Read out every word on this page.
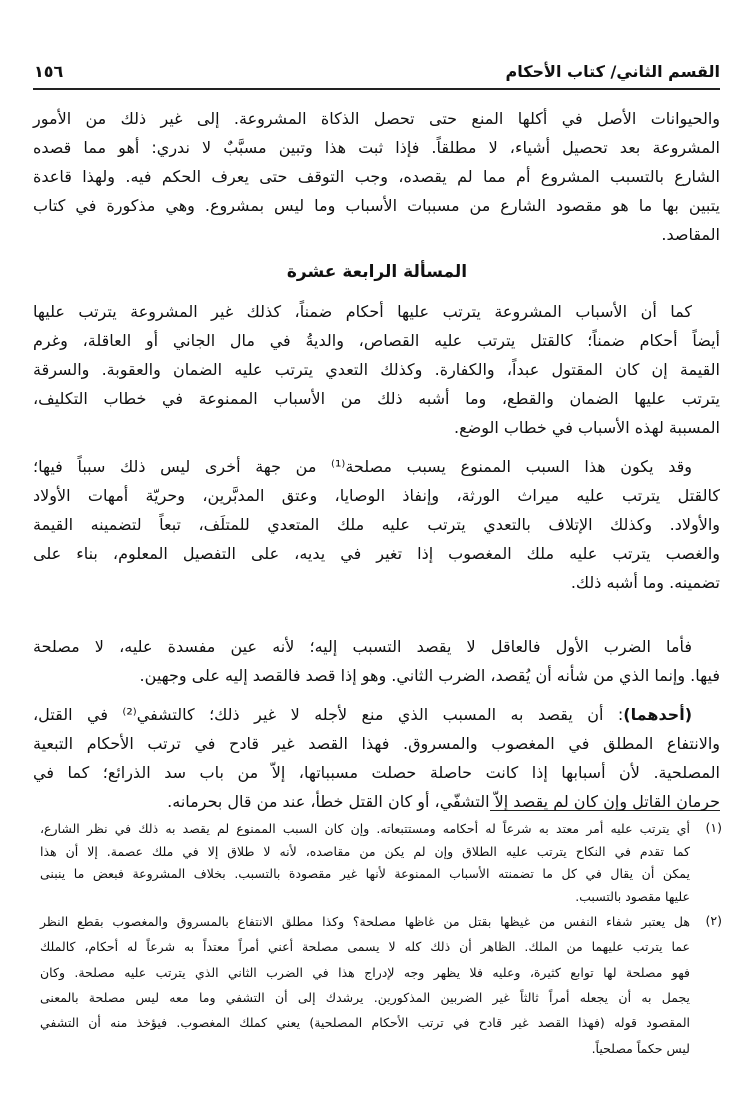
القسم الثاني/ كتاب الأحكام
١٥٦
المسألة الرابعة عشرة
والحيوانات الأصل في أكلها المنع حتى تحصل الذكاة المشروعة. إلى غير ذلك من الأمور
المشروعة بعد تحصيل أشياء، لا مطلقاً. فإذا ثبت هذا وتبين مسبَّبٌ لا ندري: أهو مما قصده
الشارع بالتسبب المشروع أم مما لم يقصده، وجب التوقف حتى يعرف الحكم فيه. ولهذا قاعدة
يتبين بها ما هو مقصود الشارع من مسببات الأسباب وما ليس بمشروع. وهي مذكورة في كتاب
المقاصد.
كما أن الأسباب المشروعة يترتب عليها أحكام ضمناً، كذلك غير المشروعة يترتب عليها
أيضاً أحكام ضمناً؛ كالقتل يترتب عليه القصاص، والديةُ في مال الجاني أو العاقلة، وغرم
القيمة إن كان المقتول عبداً، والكفارة. وكذلك التعدي يترتب عليه الضمان والعقوبة. والسرقة
يترتب عليها الضمان والقطع، وما أشبه ذلك من الأسباب الممنوعة في خطاب التكليف،
المسببة لهذه الأسباب في خطاب الوضع.
وقد يكون هذا السبب الممنوع يسبب مصلحة⁽¹⁾ من جهة أخرى ليس ذلك سبباً فيها؛
كالقتل يترتب عليه ميراث الورثة، وإنفاذ الوصايا، وعتق المدبَّرين، وحريّة أمهات الأولاد
والأولاد. وكذلك الإتلاف بالتعدي يترتب عليه ملك المتعدي للمتلَف، تبعاً لتضمينه القيمة
والغصب يترتب عليه ملك المغصوب إذا تغير في يديه، على التفصيل المعلوم، بناء على
تضمينه. وما أشبه ذلك.
فأما الضرب الأول فالعاقل لا يقصد التسبب إليه؛ لأنه عين مفسدة عليه، لا مصلحة
فيها. وإنما الذي من شأنه أن يُقصد، الضرب الثاني. وهو إذا قصد فالقصد إليه على وجهين.
(أحدهما): أن يقصد به المسبب الذي منع لأجله لا غير ذلك؛ كالتشفي⁽²⁾ في القتل،
والانتفاع المطلق في المغصوب والمسروق. فهذا القصد غير قادح في ترتب الأحكام التبعية
المصلحية. لأن أسبابها إذا كانت حاصلة حصلت مسبباتها، إلاّ من باب سد الذرائع؛ كما في
حرمان القاتل وإن كان لم يقصد إلاّ التشفّي، أو كان القتل خطأ، عند من قال بحرمانه.
(١)
أي يترتب عليه أمر معتد به شرعاً له أحكامه ومستتبعاته. وإن كان السبب الممنوع لم يقصد به ذلك في نظر الشارع،
كما تقدم في النكاح يترتب عليه الطلاق وإن لم يكن من مقاصده، لأنه لا طلاق إلا في ملك عصمة. إلا أن هذا
يمكن أن يقال في كل ما تضمنته الأسباب الممنوعة لأنها غير مقصودة بالتسبب. بخلاف المشروعة فبعض ما ينبنى
عليها مقصود بالتسبب.
(٢)
هل يعتبر شفاء النفس من غيظها بقتل من غاظها مصلحة؟ وكذا مطلق الانتفاع بالمسروق والمغصوب بقطع النظر
عما يترتب عليهما من الملك. الظاهر أن ذلك كله لا يسمى مصلحة أعني أمراً معتداً به شرعاً له أحكام، كالملك
فهو مصلحة لها توابع كثيرة، وعليه فلا يظهر وجه لإدراج هذا في الضرب الثاني الذي يترتب عليه مصلحة. وكان
يجمل به أن يجعله أمراً ثالثاً غير الضربين المذكورين. يرشدك إلى أن التشفي وما معه ليس مصلحة بالمعنى
المقصود قوله (فهذا القصد غير قادح في ترتب الأحكام المصلحية) يعني كملك المغصوب. فيؤخذ منه أن التشفي
ليس حكماً مصلحياً.
